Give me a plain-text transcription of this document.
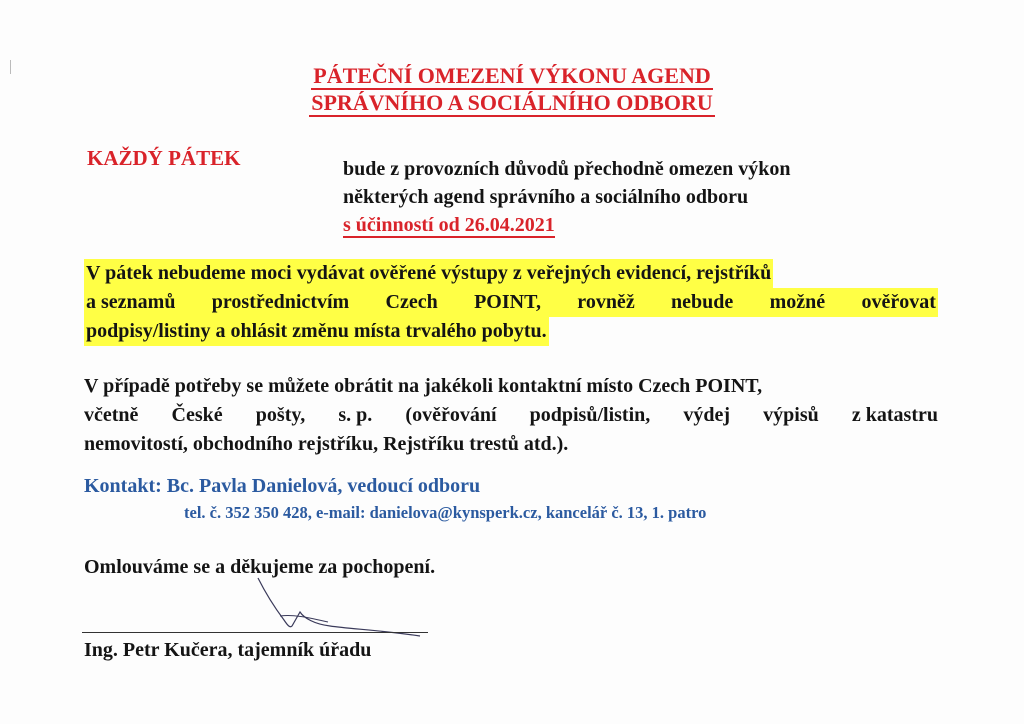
PÁTEČNÍ OMEZENÍ VÝKONU AGEND
SPRÁVNÍHO A SOCIÁLNÍHO ODBORU
KAŽDÝ PÁTEK	bude z provozních důvodů přechodně omezen výkon
některých agend správního a sociálního odboru
s účinností od 26.04.2021
V pátek nebudeme moci vydávat ověřené výstupy z veřejných evidencí, rejstříků
a seznamů prostřednictvím Czech POINT, rovněž nebude možné ověřovat
podpisy/listiny a ohlásit změnu místa trvalého pobytu.
V případě potřeby se můžete obrátit na jakékoli kontaktní místo Czech POINT,
včetně České pošty, s. p. (ověřování podpisů/listin, výdej výpisů z katastru
nemovitostí, obchodního rejstříku, Rejstříku trestů atd.).
Kontakt: Bc. Pavla Danielová, vedoucí odboru
tel. č. 352 350 428, e-mail: danielova@kynsperk.cz, kancelář č. 13, 1. patro
Omlouváme se a děkujeme za pochopení.
Ing. Petr Kučera, tajemník úřadu
